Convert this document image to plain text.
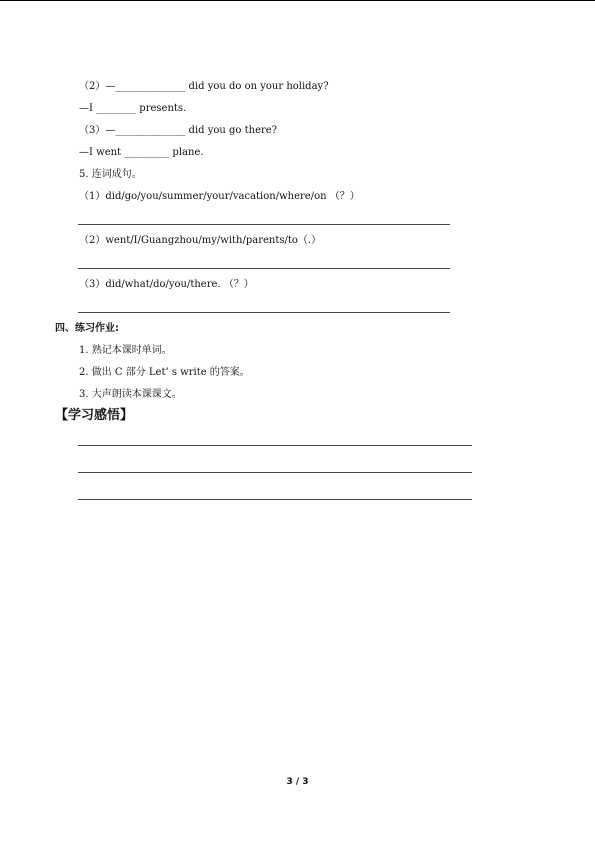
（2）—______________ did you do on your holiday?
—I ________ presents.
（3）—______________ did you go there?
—I went _________ plane.
5. 连词成句。
（1）did/go/you/summer/your/vacation/where/on （？）
（2）went/I/Guangzhou/my/with/parents/to（.）
（3）did/what/do/you/there. （？）
四、练习作业:
1. 熟记本课时单词。
2. 做出 C 部分 Let’ s write 的答案。
3. 大声朗读本课课文。
【学习感悟】
3 / 3
